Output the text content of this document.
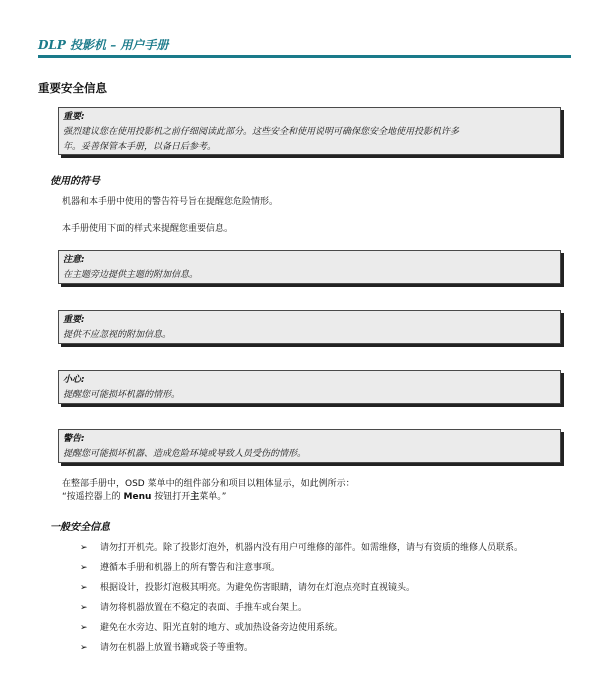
DLP 投影机 – 用户手册
重要安全信息
重要:
强烈建议您在使用投影机之前仔细阅读此部分。这些安全和使用说明可确保您安全地使用投影机许多
年。妥善保管本手册，以备日后参考。
使用的符号
机器和本手册中使用的警告符号旨在提醒您危险情形。
本手册使用下面的样式来提醒您重要信息。
注意:
在主题旁边提供主题的附加信息。
重要:
提供不应忽视的附加信息。
小心:
提醒您可能损坏机器的情形。
警告:
提醒您可能损坏机器、造成危险环境或导致人员受伤的情形。
在整部手册中，OSD 菜单中的组件部分和项目以粗体显示，如此例所示：
“按遥控器上的 Menu 按钮打开主菜单。”
一般安全信息
➢ 请勿打开机壳。除了投影灯泡外，机器内没有用户可维修的部件。如需维修，请与有资质的维修人员联系。
➢ 遵循本手册和机器上的所有警告和注意事项。
➢ 根据设计，投影灯泡极其明亮。为避免伤害眼睛，请勿在灯泡点亮时直视镜头。
➢ 请勿将机器放置在不稳定的表面、手推车或台架上。
➢ 避免在水旁边、阳光直射的地方、或加热设备旁边使用系统。
➢ 请勿在机器上放置书籍或袋子等重物。
